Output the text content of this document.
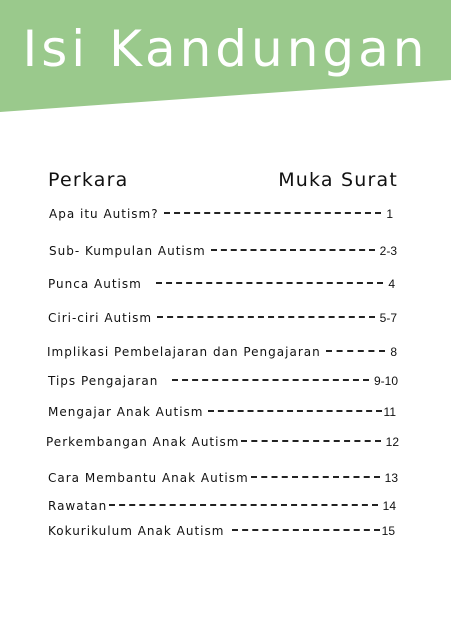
Isi Kandungan
Perkara	Muka Surat
Apa itu Autism?	1
Sub- Kumpulan Autism	2-3
Punca Autism	4
Ciri-ciri Autism	5-7
Implikasi Pembelajaran dan Pengajaran	8
Tips Pengajaran	9-10
Mengajar Anak Autism	11
Perkembangan Anak Autism	12
Cara Membantu Anak Autism	13
Rawatan	14
Kokurikulum Anak Autism	15
